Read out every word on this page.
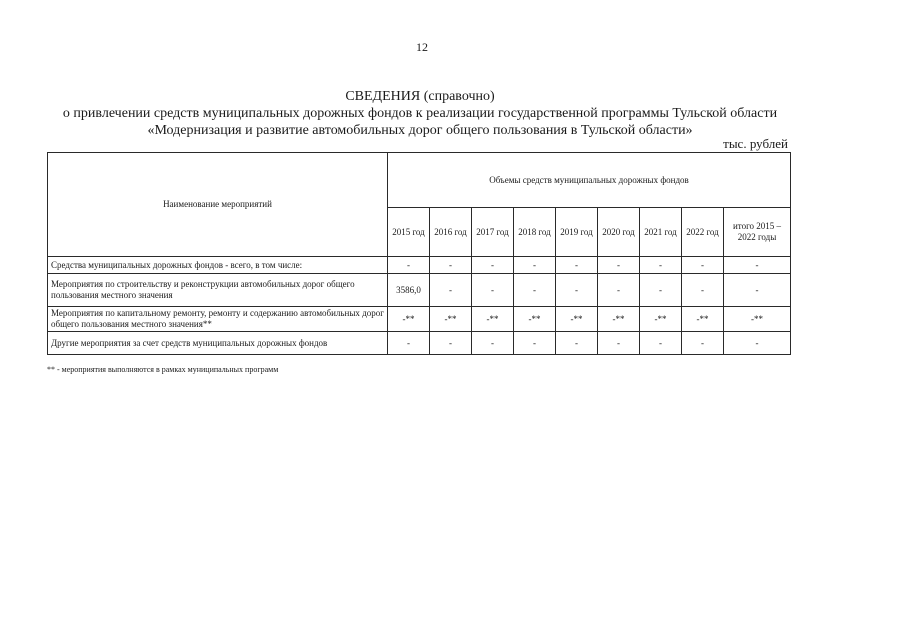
12
СВЕДЕНИЯ (справочно)
о привлечении средств муниципальных дорожных фондов к реализации государственной программы Тульской области
«Модернизация и развитие автомобильных дорог общего пользования в Тульской области»
тыс. рублей
Наименование мероприятий	Объемы средств муниципальных дорожных фондов								
	2015 год	2016 год	2017 год	2018 год	2019 год	2020 год	2021 год	2022 год	итого 2015 – 2022 годы
Средства муниципальных дорожных фондов - всего, в том числе:	-	-	-	-	-	-	-	-	-
Мероприятия по строительству и реконструкции автомобильных дорог общего пользования местного значения	3586,0	-	-	-	-	-	-	-	-
Мероприятия по капитальному ремонту, ремонту и содержанию автомобильных дорог общего пользования местного значения**	-**	-**	-**	-**	-**	-**	-**	-**	-**
Другие мероприятия за счет средств муниципальных дорожных фондов	-	-	-	-	-	-	-	-	-
** - мероприятия выполняются в рамках муниципальных программ
